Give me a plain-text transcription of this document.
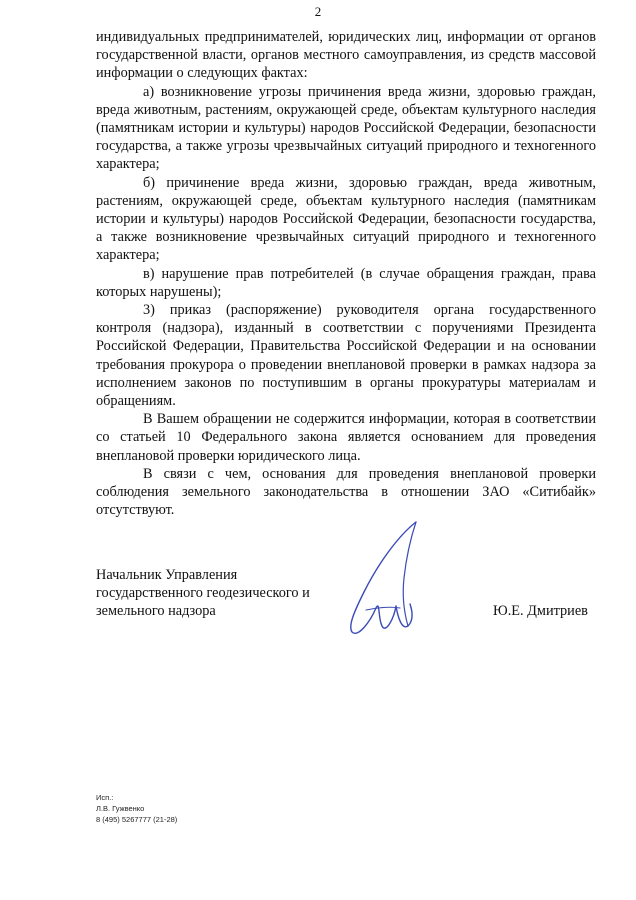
2

индивидуальных предпринимателей, юридических лиц, информации от органов государственной власти, органов местного самоуправления, из средств массовой информации о следующих фактах:

а) возникновение угрозы причинения вреда жизни, здоровью граждан, вреда животным, растениям, окружающей среде, объектам культурного наследия (памятникам истории и культуры) народов Российской Федерации, безопасности государства, а также угрозы чрезвычайных ситуаций природного и техногенного характера;

б) причинение вреда жизни, здоровью граждан, вреда животным, растениям, окружающей среде, объектам культурного наследия (памятникам истории и культуры) народов Российской Федерации, безопасности государства, а также возникновение чрезвычайных ситуаций природного и техногенного характера;

в) нарушение прав потребителей (в случае обращения граждан, права которых нарушены);

3) приказ (распоряжение) руководителя органа государственного контроля (надзора), изданный в соответствии с поручениями Президента Российской Федерации, Правительства Российской Федерации и на основании требования прокурора о проведении внеплановой проверки в рамках надзора за исполнением законов по поступившим в органы прокуратуры материалам и обращениям.

В Вашем обращении не содержится информации, которая в соответствии со статьей 10 Федерального закона является основанием для проведения внеплановой проверки юридического лица.

В связи с чем, основания для проведения внеплановой проверки соблюдения земельного законодательства в отношении ЗАО «Ситибайк» отсутствуют.

Начальник Управления
государственного геодезического и
земельного надзора	Ю.Е. Дмитриев
Исп.:
Л.В. Гужвенко
8 (495) 5267777 (21-28)
